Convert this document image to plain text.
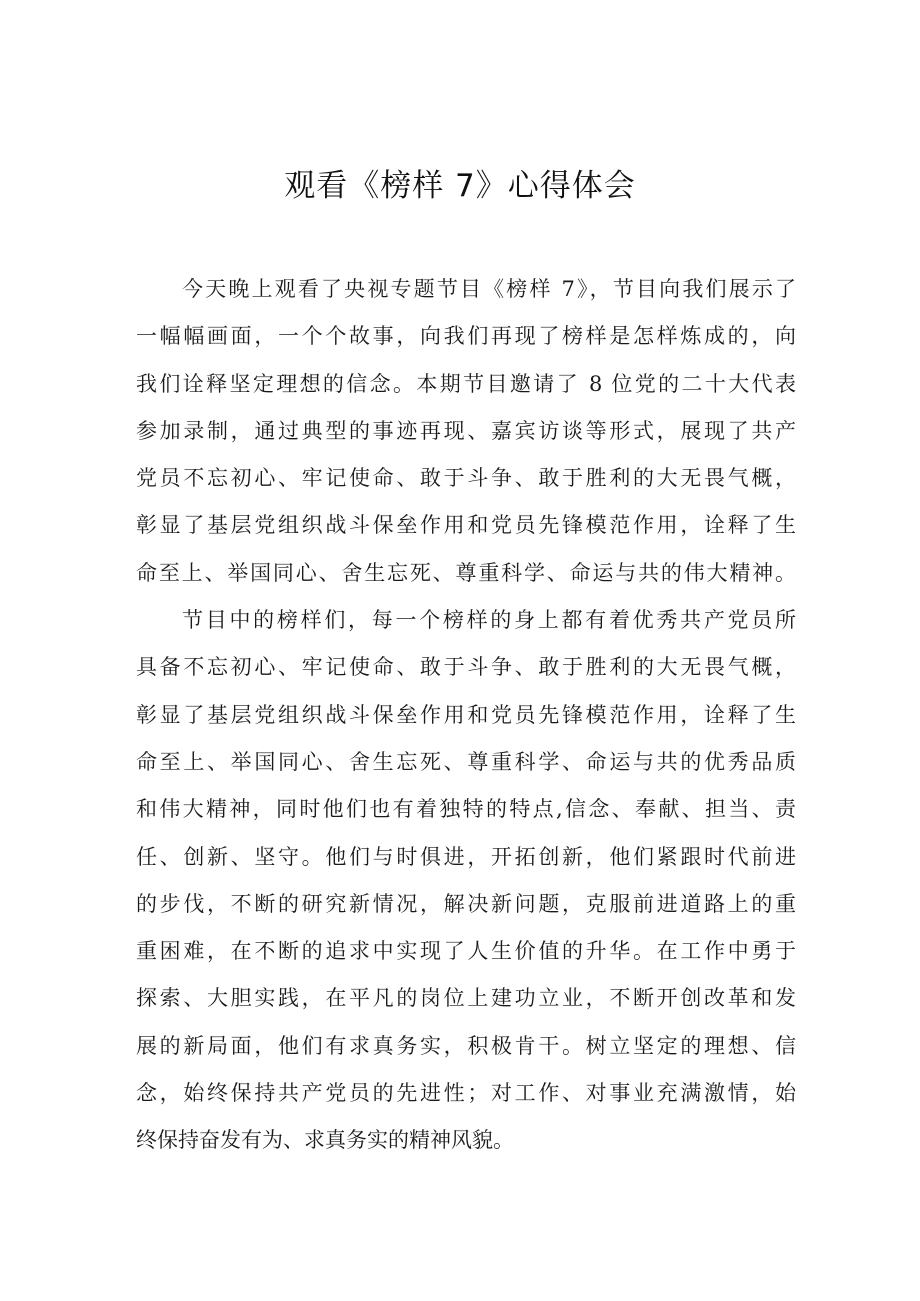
观看《榜样 7》心得体会
今天晚上观看了央视专题节目《榜样 7》，节目向我们展示了
一幅幅画面，一个个故事，向我们再现了榜样是怎样炼成的，向
我们诠释坚定理想的信念。本期节目邀请了 8 位党的二十大代表
参加录制，通过典型的事迹再现、嘉宾访谈等形式，展现了共产
党员不忘初心、牢记使命、敢于斗争、敢于胜利的大无畏气概，
彰显了基层党组织战斗保垒作用和党员先锋模范作用，诠释了生
命至上、举国同心、舍生忘死、尊重科学、命运与共的伟大精神。
节目中的榜样们，每一个榜样的身上都有着优秀共产党员所
具备不忘初心、牢记使命、敢于斗争、敢于胜利的大无畏气概，
彰显了基层党组织战斗保垒作用和党员先锋模范作用，诠释了生
命至上、举国同心、舍生忘死、尊重科学、命运与共的优秀品质
和伟大精神，同时他们也有着独特的特点,信念、奉献、担当、责
任、创新、坚守。他们与时俱进，开拓创新，他们紧跟时代前进
的步伐，不断的研究新情况，解决新问题，克服前进道路上的重
重困难，在不断的追求中实现了人生价值的升华。在工作中勇于
探索、大胆实践，在平凡的岗位上建功立业，不断开创改革和发
展的新局面，他们有求真务实，积极肯干。树立坚定的理想、信
念，始终保持共产党员的先进性；对工作、对事业充满激情，始
终保持奋发有为、求真务实的精神风貌。
